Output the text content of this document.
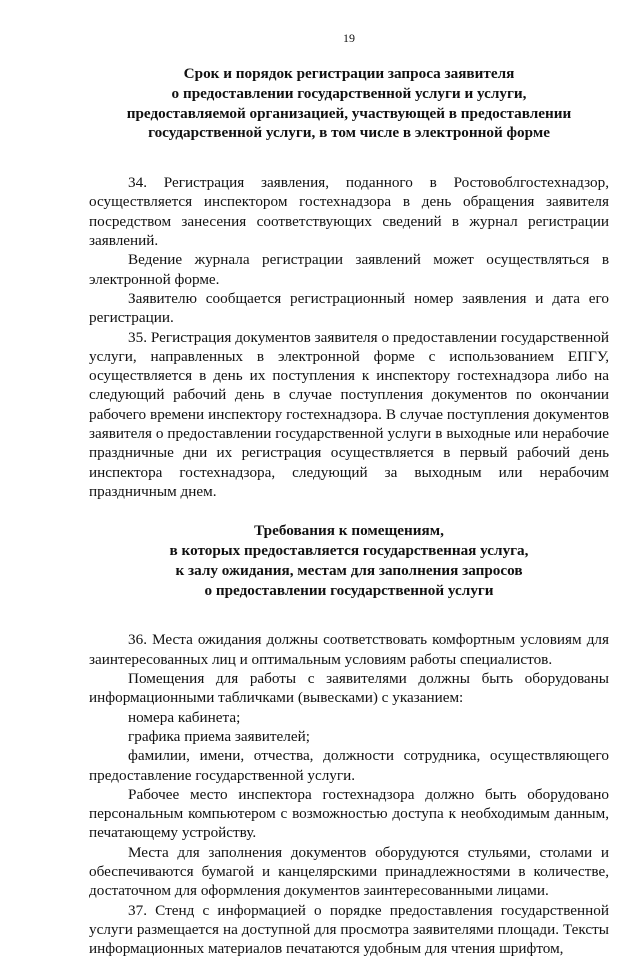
19
Срок и порядок регистрации запроса заявителя
о предоставлении государственной услуги и услуги,
предоставляемой организацией, участвующей в предоставлении
государственной услуги, в том числе в электронной форме

34. Регистрация заявления, поданного в Ростовоблгостехнадзор, осуществляется инспектором гостехнадзора в день обращения заявителя посредством занесения соответствующих сведений в журнал регистрации заявлений.

Ведение журнала регистрации заявлений может осуществляться в электронной форме.

Заявителю сообщается регистрационный номер заявления и дата его регистрации.

35. Регистрация документов заявителя о предоставлении государственной услуги, направленных в электронной форме с использованием ЕПГУ, осуществляется в день их поступления к инспектору гостехнадзора либо на следующий рабочий день в случае поступления документов по окончании рабочего времени инспектору гостехнадзора. В случае поступления документов заявителя о предоставлении государственной услуги в выходные или нерабочие праздничные дни их регистрация осуществляется в первый рабочий день инспектора гостехнадзора, следующий за выходным или нерабочим праздничным днем.

Требования к помещениям,
в которых предоставляется государственная услуга,
к залу ожидания, местам для заполнения запросов
о предоставлении государственной услуги

36. Места ожидания должны соответствовать комфортным условиям для заинтересованных лиц и оптимальным условиям работы специалистов.

Помещения для работы с заявителями должны быть оборудованы информационными табличками (вывесками) с указанием:

номера кабинета;

графика приема заявителей;

фамилии, имени, отчества, должности сотрудника, осуществляющего предоставление государственной услуги.

Рабочее место инспектора гостехнадзора должно быть оборудовано персональным компьютером с возможностью доступа к необходимым данным, печатающему устройству.

Места для заполнения документов оборудуются стульями, столами и обеспечиваются бумагой и канцелярскими принадлежностями в количестве, достаточном для оформления документов заинтересованными лицами.

37. Стенд с информацией о порядке предоставления государственной услуги размещается на доступной для просмотра заявителями площади. Тексты информационных материалов печатаются удобным для чтения шрифтом,
